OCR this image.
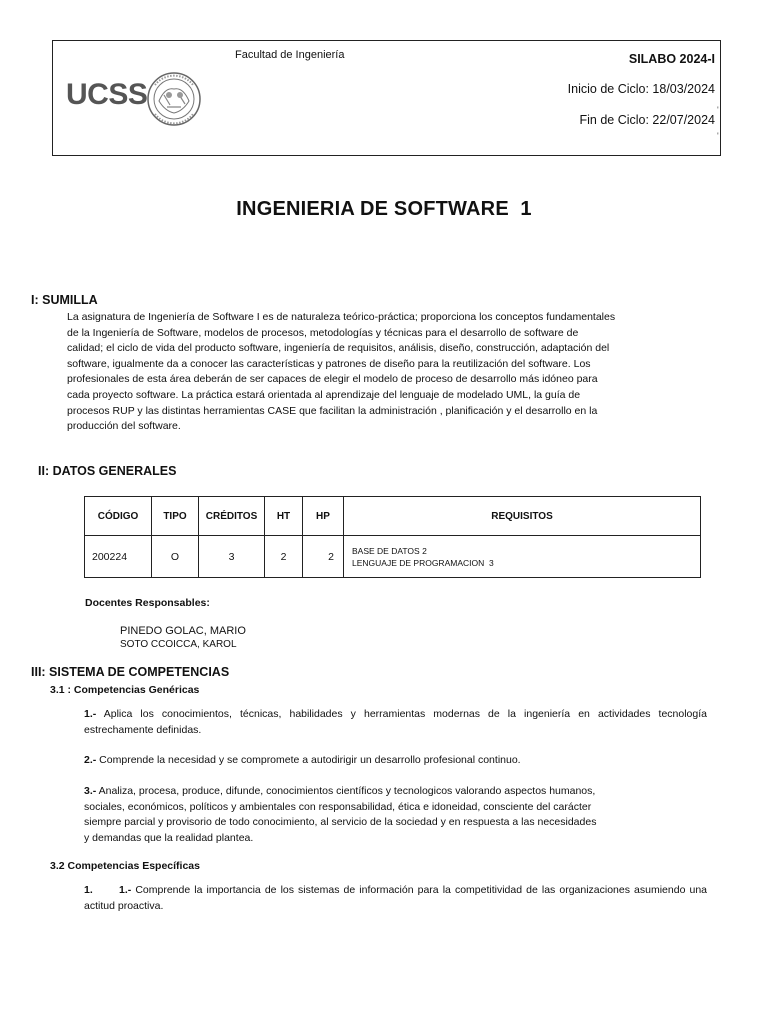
Facultad de Ingeniería	SILABO 2024-I
Inicio de Ciclo: 18/03/2024
Fin de Ciclo: 22/07/2024
'
'
UCSS
INGENIERIA DE SOFTWARE  1
I: SUMILLA
La asignatura de Ingeniería de Software I es de naturaleza teórico-práctica; proporciona los conceptos fundamentales
de la Ingeniería de Software, modelos de procesos, metodologías y técnicas para el desarrollo de software de
calidad; el ciclo de vida del producto software, ingeniería de requisitos, análisis, diseño, construcción, adaptación del
software, igualmente da a conocer las características y patrones de diseño para la reutilización del software. Los
profesionales de esta área deberán de ser capaces de elegir el modelo de proceso de desarrollo más idóneo para
cada proyecto software. La práctica estará orientada al aprendizaje del lenguaje de modelado UML, la guía de
procesos RUP y las distintas herramientas CASE que facilitan la administración , planificación y el desarrollo en la
producción del software.
II: DATOS GENERALES
CÓDIGO	TIPO	CRÉDITOS	HT	HP	REQUISITOS
200224	O	3	2	2	BASE DE DATOS 2
LENGUAJE DE PROGRAMACION  3
Docentes Responsables:
PINEDO GOLAC, MARIO
SOTO CCOICCA, KAROL
III: SISTEMA DE COMPETENCIAS
3.1 : Competencias Genéricas
1.- Aplica los conocimientos, técnicas, habilidades y herramientas modernas de la ingeniería en actividades tecnología estrechamente definidas.
2.- Comprende la necesidad y se compromete a autodirigir un desarrollo profesional continuo.
3.- Analiza, procesa, produce, difunde, conocimientos científicos y tecnologicos valorando aspectos humanos,
sociales, económicos, políticos y ambientales con responsabilidad, ética e idoneidad, consciente del carácter
siempre parcial y provisorio de todo conocimiento, al servicio de la sociedad y en respuesta a las necesidades
y demandas que la realidad plantea.
3.2 Competencias Específicas
1. 1.- Comprende la importancia de los sistemas de información para la competitividad de las organizaciones asumiendo una actitud proactiva.
